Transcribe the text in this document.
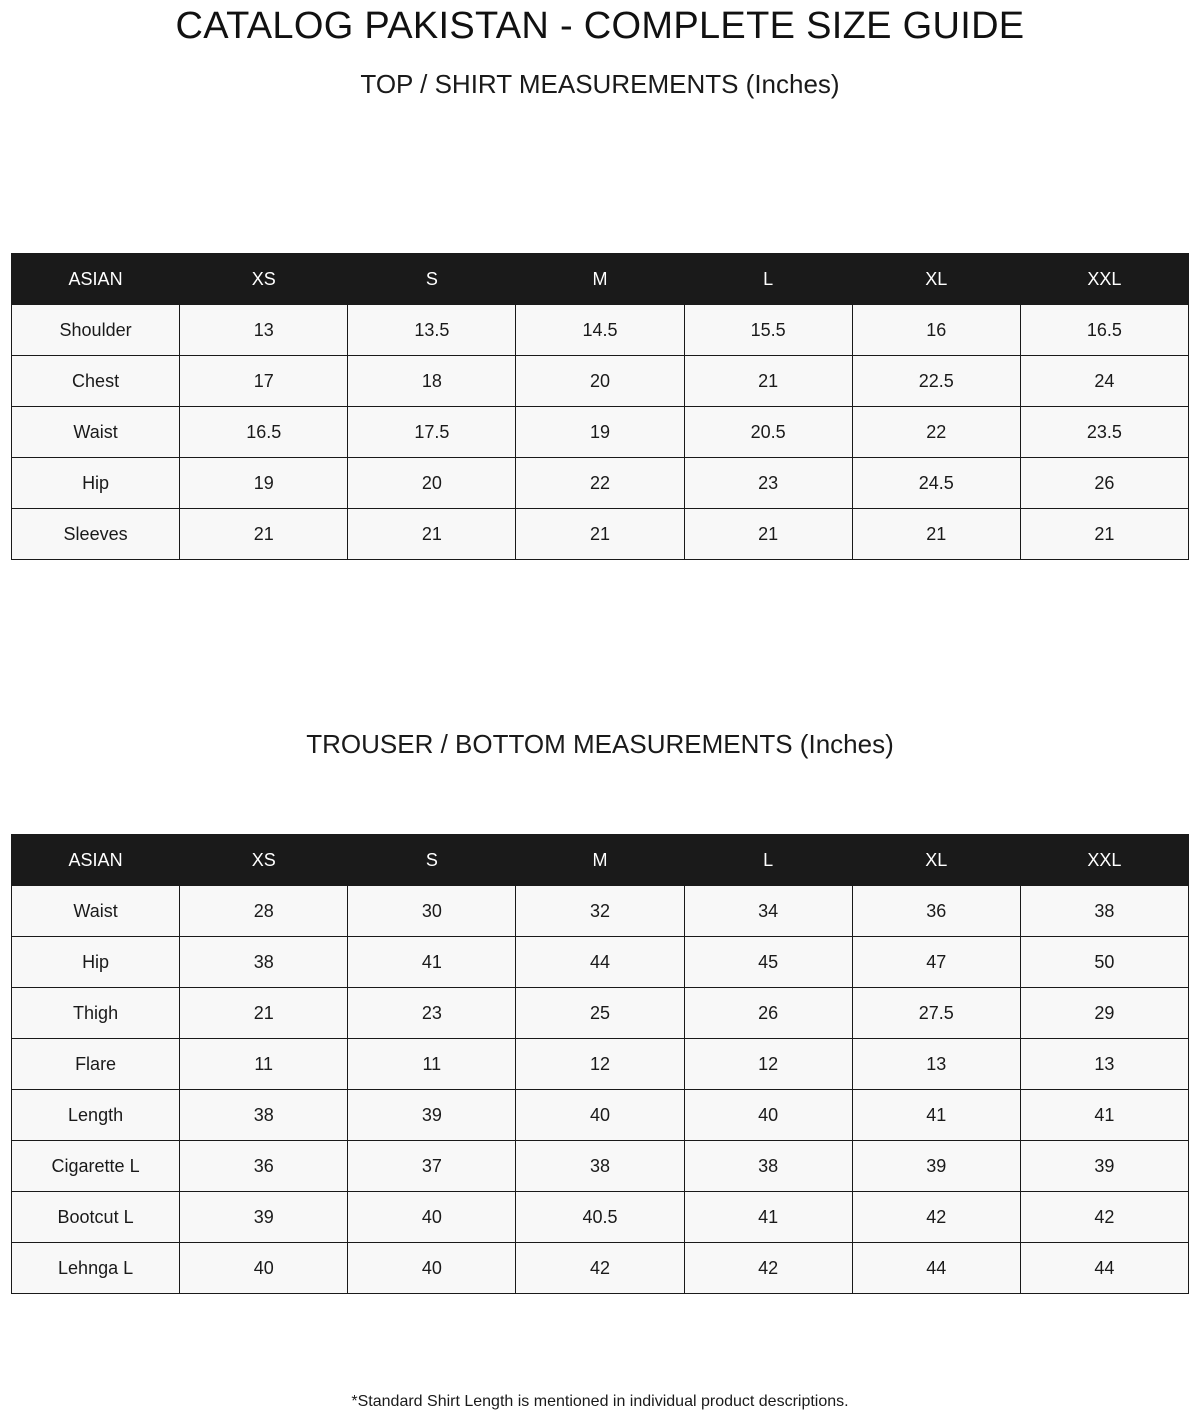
CATALOG PAKISTAN - COMPLETE SIZE GUIDE
TOP / SHIRT MEASUREMENTS (Inches)
ASIAN	XS	S	M	L	XL	XXL
Shoulder	13	13.5	14.5	15.5	16	16.5
Chest	17	18	20	21	22.5	24
Waist	16.5	17.5	19	20.5	22	23.5
Hip	19	20	22	23	24.5	26
Sleeves	21	21	21	21	21	21
TROUSER / BOTTOM MEASUREMENTS (Inches)
ASIAN	XS	S	M	L	XL	XXL
Waist	28	30	32	34	36	38
Hip	38	41	44	45	47	50
Thigh	21	23	25	26	27.5	29
Flare	11	11	12	12	13	13
Length	38	39	40	40	41	41
Cigarette L	36	37	38	38	39	39
Bootcut L	39	40	40.5	41	42	42
Lehnga L	40	40	42	42	44	44
*Standard Shirt Length is mentioned in individual product descriptions.
